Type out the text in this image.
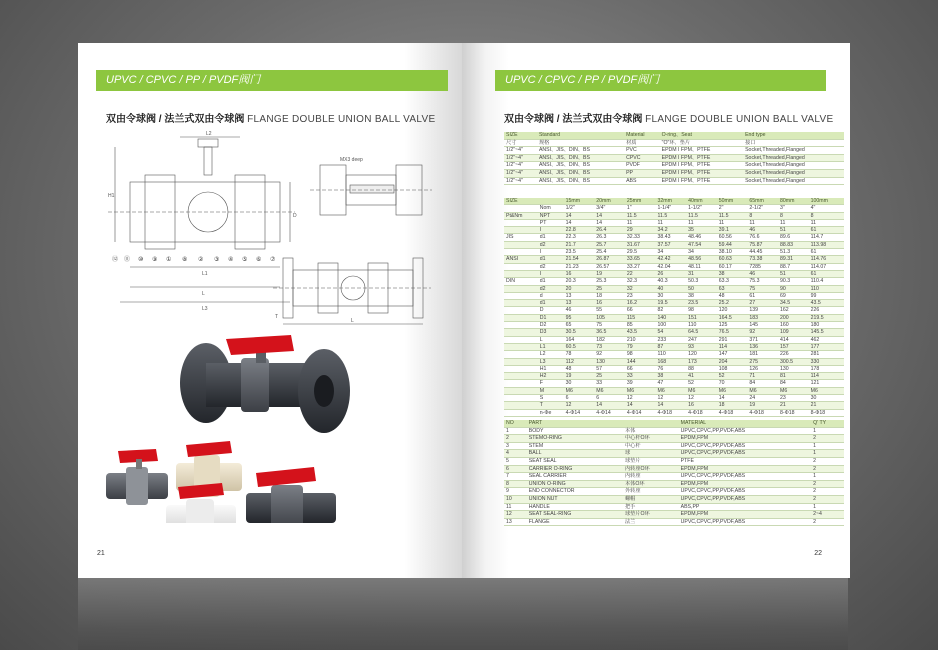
UPVC / CPVC / PP / PVDF阀门
双由令球阀 / 法兰式双由令球阀 FLANGE DOUBLE UNION BALL VALVE
L2
L1
L
L3
H1
D
⑫ ⑪ ⑩ ⑨ ① ⑧ ② ③ ④ ⑤ ⑥ ⑦
MX3 deep
L
T
21
UPVC / CPVC / PP / PVDF阀门
双由令球阀 / 法兰式双由令球阀 FLANGE DOUBLE UNION BALL VALVE
SIZE	Standard	Material	O-ring、Seat	End type
尺寸	规格	材质	"O"环、垫片	接口
1/2"~4"	ANSI、JIS、DIN、BS	PVC	EPDM I FPM、PTFE	Socket,Threaded,Flanged
1/2"~4"	ANSI、JIS、DIN、BS	CPVC	EPDM I FPM、PTFE	Socket,Threaded,Flanged
1/2"~4"	ANSI、JIS、DIN、BS	PVDF	EPDM I FPM、PTFE	Socket,Threaded,Flanged
1/2"~4"	ANSI、JIS、DIN、BS	PP	EPDM I FPM、PTFE	Socket,Threaded,Flanged
1/2"~4"	ANSI、JIS、DIN、BS	ABS	EPDM I FPM、PTFE	Socket,Threaded,Flanged
SIZE		15mm	20mm	25mm	32mm	40mm	50mm	65mm	80mm	100mm
	Nom	1/2"	3/4"	1"	1-1/4"	1-1/2"	2"	2-1/2"	3"	4"
Pt&Nm	NPT	14	14	11.5	11.5	11.5	11.5	8	8	8
	PT	14	14	11	11	11	11	11	11	11
	I	22.8	26.4	29	34.2	35	39.1	46	51	61
JIS	d1	22.3	26.3	32.33	38.43	48.46	60.56	76.6	89.6	114.7
	d2	21.7	25.7	31.67	37.57	47.54	59.44	75.87	88.83	113.98
	I	23.5	25.4	29.5	34	34	38.10	44.45	51.3	61
ANSI	d1	21.54	26.87	33.65	42.42	48.56	60.63	73.38	89.31	114.76
	d2	21.23	26.57	33.27	42.04	48.11	60.17	7285	88.7	114.07
	I	16	19	22	26	31	38	46	51	61
DIN	d1	20.3	25.3	32.3	40.3	50.3	63.3	75.3	90.3	110.4
	d2	20	25	32	40	50	63	75	90	110
	d	13	18	23	30	38	48	61	69	99
	d1	13	16	16.2	19.5	23.5	25.2	27	34.5	43.5
	D	46	55	66	82	98	120	139	162	226
	D1	95	105	115	140	151	164.5	183	200	219.5
	D2	65	75	85	100	110	125	145	160	180
	D3	30.5	36.5	43.5	54	64.5	76.5	92	109	145.5
	L	164	182	210	233	247	291	371	414	462
	L1	60.5	73	79	87	93	114	136	157	177
	L2	78	92	98	110	120	147	181	226	281
	L3	112	130	144	168	173	204	275	300.5	330
	H1	48	57	66	76	88	108	126	130	178
	H2	19	25	33	38	41	52	71	81	114
	F	30	33	39	47	52	70	84	84	121
	M	M6	M6	M6	M6	M6	M6	M6	M6	M6
	S	6	6	12	12	12	14	24	23	30
	T	12	14	14	14	16	18	19	21	21
	n-Φe	4-Φ14	4-Φ14	4-Φ14	4-Φ18	4-Φ18	4-Φ18	4-Φ18	8-Φ18	8-Φ18
NO	PART		MATERIAL	Q' TY
1	BODY	本体	UPVC,CPVC,PP,PVDF,ABS	1
2	STEMO-RING	中心杆O环	EPDM,FPM	2
3	STEM	中心杆	UPVC,CPVC,PP,PVDF,ABS	1
4	BALL	球	UPVC,CPVC,PP,PVDF,ABS	1
5	SEAT SEAL	球垫片	PTFE	2
6	CARRIER O-RING	内转座O环	EPDM,FPM	2
7	SEAL CARRIER	内转座	UPVC,CPVC,PP,PVDF,ABS	1
8	UNION O-RING	本体O环	EPDM,FPM	2
9	END CONNECTOR	外转座	UPVC,CPVC,PP,PVDF,ABS	2
10	UNION NUT	螺帽	UPVC,CPVC,PP,PVDF,ABS	2
11	HANDLE	把手	ABS,PP	1
12	SEAT SEAL-RING	球垫片O环	EPDM,FPM	2~4
13	FLANGE	法兰	UPVC,CPVC,PP,PVDF,ABS	2
22
